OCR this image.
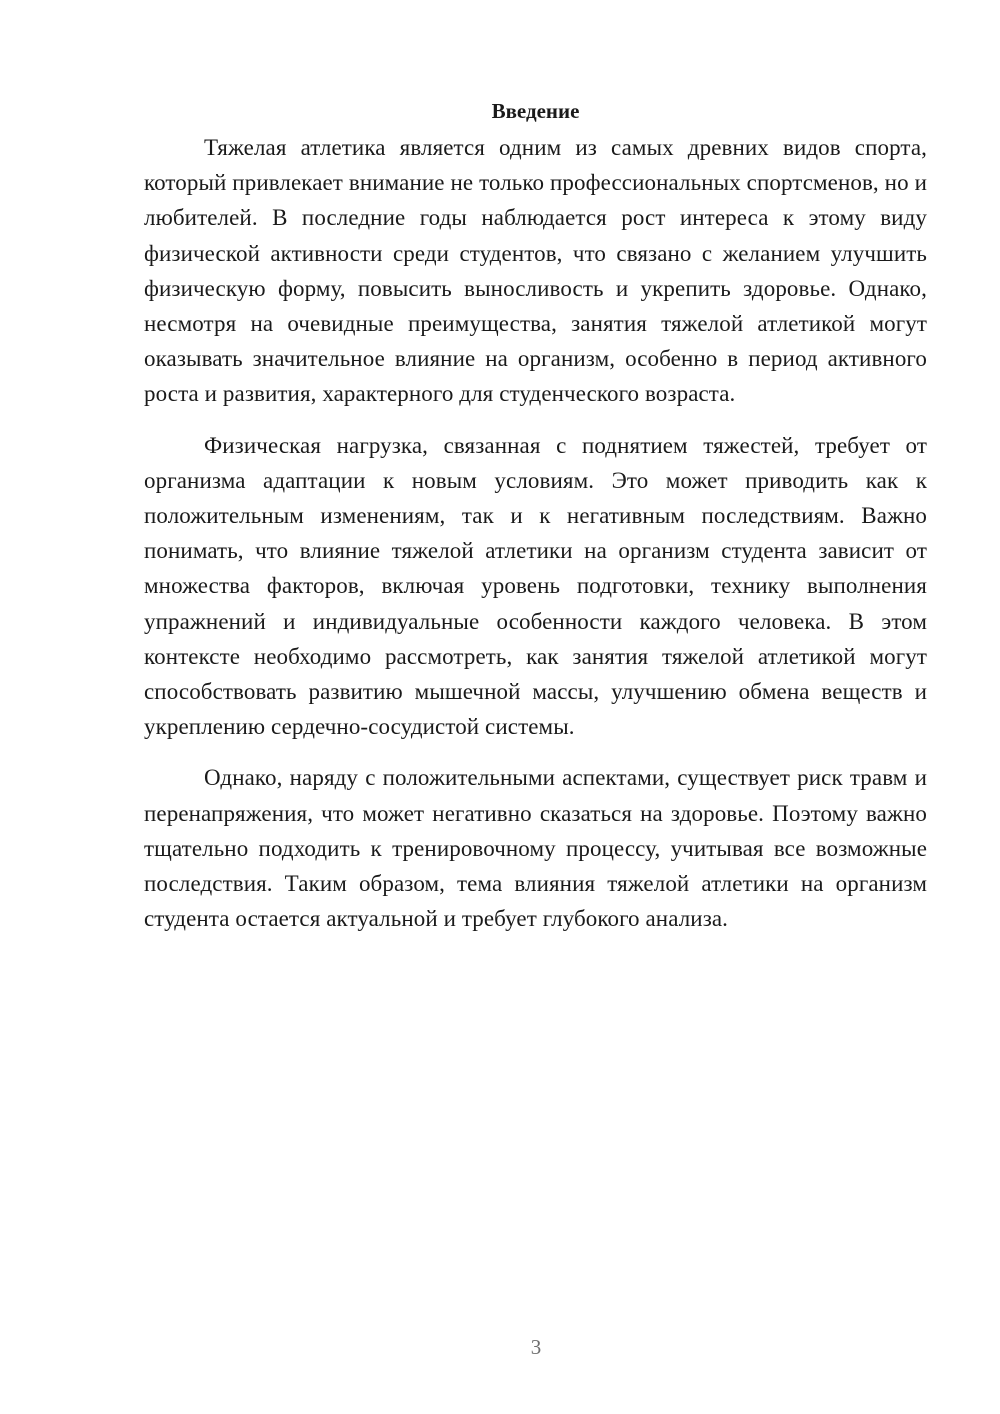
Введение

Тяжелая атлетика является одним из самых древних видов спорта, который привлекает внимание не только профессиональных спортсменов, но и любителей. В последние годы наблюдается рост интереса к этому виду физической активности среди студентов, что связано с желанием улучшить физическую форму, повысить выносливость и укрепить здоровье. Однако, несмотря на очевидные преимущества, занятия тяжелой атлетикой могут оказывать значительное влияние на организм, особенно в период активного роста и развития, характерного для студенческого возраста.

Физическая нагрузка, связанная с поднятием тяжестей, требует от организма адаптации к новым условиям. Это может приводить как к положительным изменениям, так и к негативным последствиям. Важно понимать, что влияние тяжелой атлетики на организм студента зависит от множества факторов, включая уровень подготовки, технику выполнения упражнений и индивидуальные особенности каждого человека. В этом контексте необходимо рассмотреть, как занятия тяжелой атлетикой могут способствовать развитию мышечной массы, улучшению обмена веществ и укреплению сердечно-сосудистой системы.

Однако, наряду с положительными аспектами, существует риск травм и перенапряжения, что может негативно сказаться на здоровье. Поэтому важно тщательно подходить к тренировочному процессу, учитывая все возможные последствия. Таким образом, тема влияния тяжелой атлетики на организм студента остается актуальной и требует глубокого анализа.

3
